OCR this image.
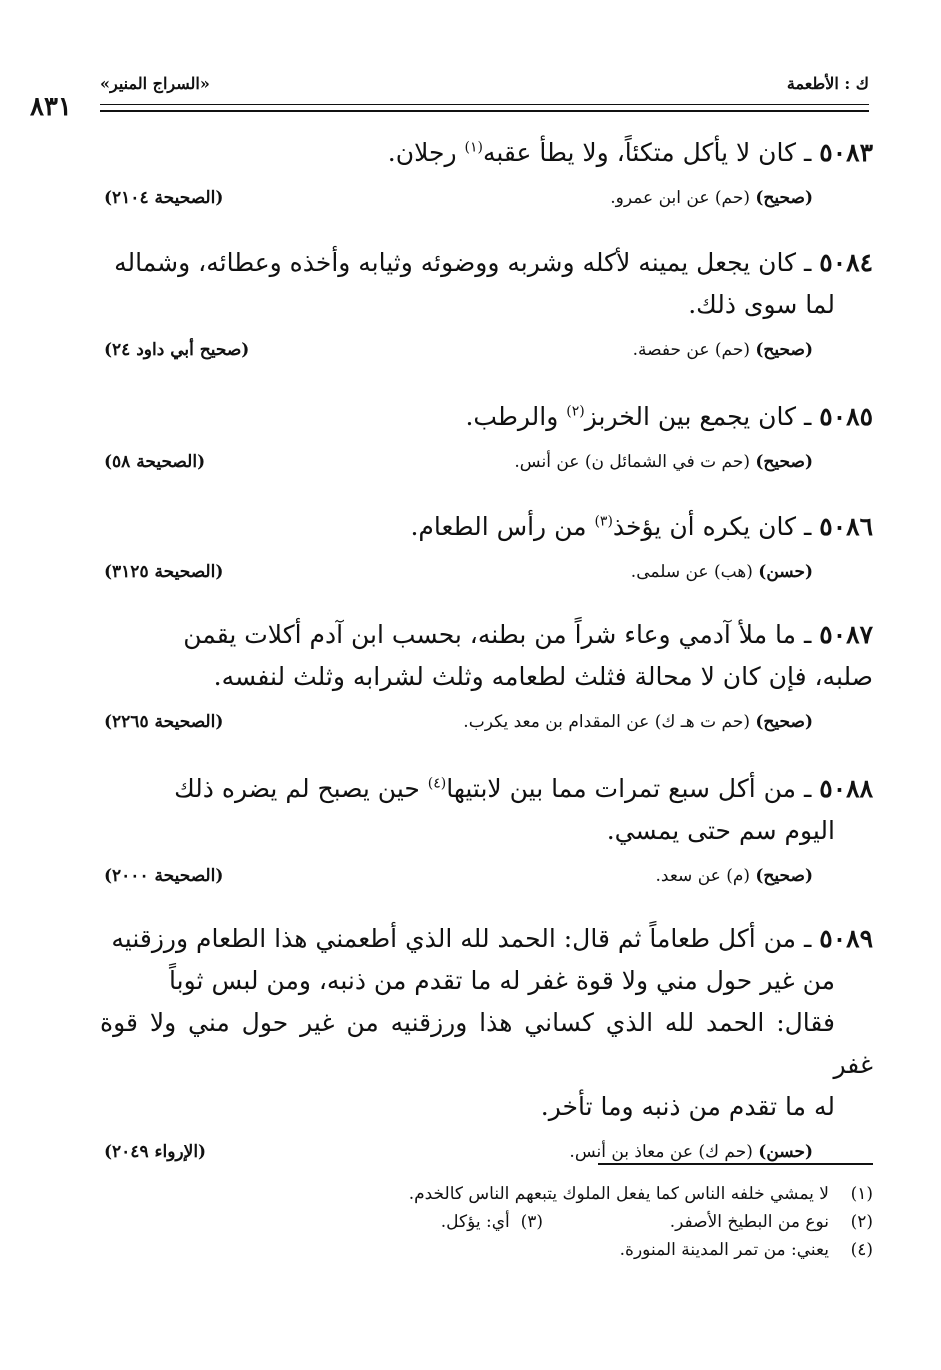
ك : الأطعمة
«السراج المنير»
٨٣١
٥٠٨٣ ـ كان لا يأكل متكئاً، ولا يطأ عقبه$^{(١)}$ رجلان.
(صحيح) (حم) عن ابن عمرو.
(الصحيحة ٢١٠٤)
٥٠٨٤ ـ كان يجعل يمينه لأكله وشربه ووضوئه وثيابه وأخذه وعطائه، وشماله
لما سوى ذلك.
(صحيح) (حم) عن حفصة.
(صحيح أبي داود ٢٤)
٥٠٨٥ ـ كان يجمع بين الخربز$^{(٢)}$ والرطب.
(صحيح) (حم ت في الشمائل ن) عن أنس.
(الصحيحة ٥٨)
٥٠٨٦ ـ كان يكره أن يؤخذ$^{(٣)}$ من رأس الطعام.
(حسن) (هب) عن سلمى.
(الصحيحة ٣١٢٥)
٥٠٨٧ ـ ما ملأ آدمي وعاء شراً من بطنه، بحسب ابن آدم أكلات يقمن
صلبه، فإن كان لا محالة فثلث لطعامه وثلث لشرابه وثلث لنفسه.
(صحيح) (حم ت هـ ك) عن المقدام بن معد يكرب.
(الصحيحة ٢٢٦٥)
٥٠٨٨ ـ من أكل سبع تمرات مما بين لابتيها$^{(٤)}$ حين يصبح لم يضره ذلك
اليوم سم حتى يمسي.
(صحيح) (م) عن سعد.
(الصحيحة ٢٠٠٠)
٥٠٨٩ ـ من أكل طعاماً ثم قال: الحمد لله الذي أطعمني هذا الطعام ورزقنيه
من غير حول مني ولا قوة غفر له ما تقدم من ذنبه، ومن لبس ثوباً
فقال: الحمد لله الذي كساني هذا ورزقنيه من غير حول مني ولا قوة غفر
له ما تقدم من ذنبه وما تأخر.
(حسن) (حم ك) عن معاذ بن أنس.
(الإرواء ٢٠٤٩)
(١)لا يمشي خلفه الناس كما يفعل الملوك يتبعهم الناس كالخدم.
(٢)نوع من البطيخ الأصفر.
(٣)  أي: يؤكل.
(٤)يعني: من تمر المدينة المنورة.
